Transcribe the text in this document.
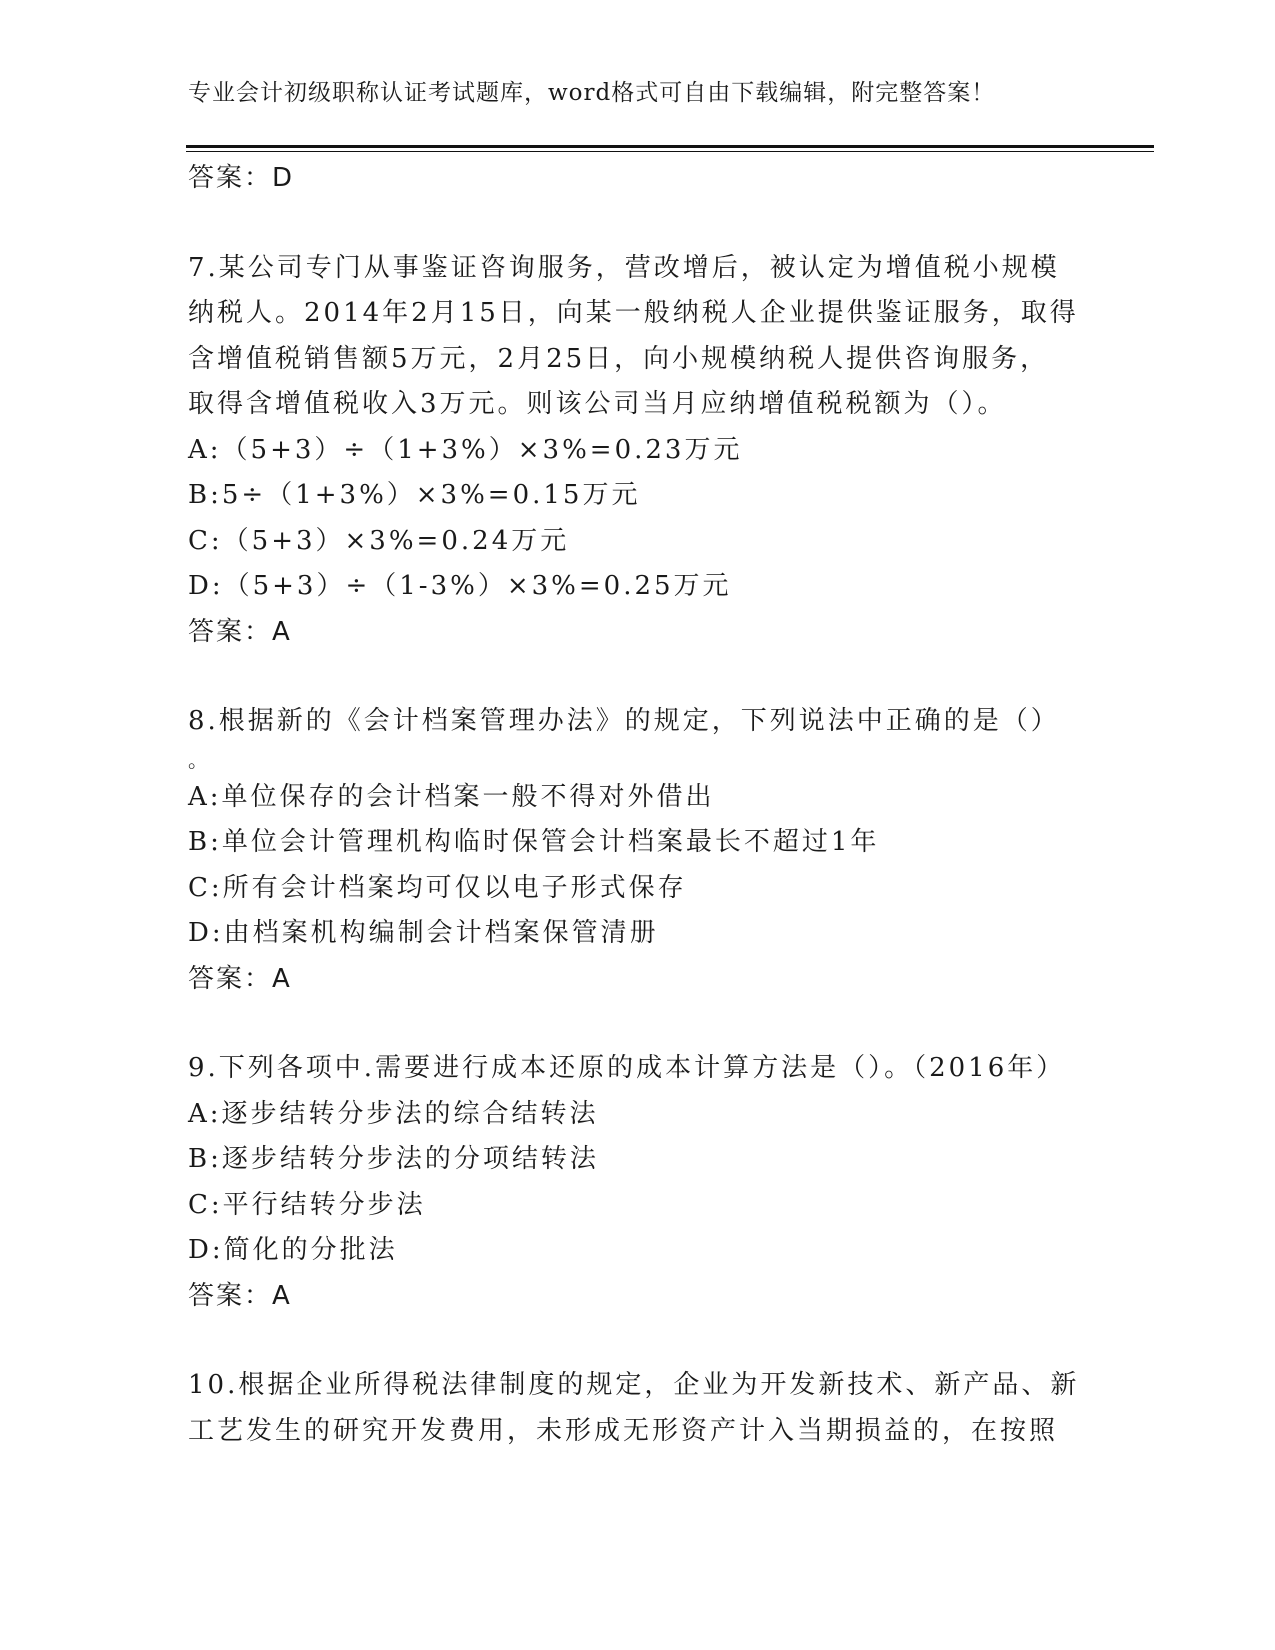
专业会计初级职称认证考试题库，word格式可自由下载编辑，附完整答案！
答案：D
7.某公司专门从事鉴证咨询服务，营改增后，被认定为增值税小规模
纳税人。2014年2月15日，向某一般纳税人企业提供鉴证服务，取得
含增值税销售额5万元，2月25日，向小规模纳税人提供咨询服务，
取得含增值税收入3万元。则该公司当月应纳增值税税额为（）。
A:（5+3）÷（1+3%）×3%=0.23万元
B:5÷（1+3%）×3%=0.15万元
C:（5+3）×3%=0.24万元
D:（5+3）÷（1-3%）×3%=0.25万元
答案：A
8.根据新的《会计档案管理办法》的规定，下列说法中正确的是（）
。
A:单位保存的会计档案一般不得对外借出
B:单位会计管理机构临时保管会计档案最长不超过1年
C:所有会计档案均可仅以电子形式保存
D:由档案机构编制会计档案保管清册
答案：A
9.下列各项中.需要进行成本还原的成本计算方法是（）。（2016年）
A:逐步结转分步法的综合结转法
B:逐步结转分步法的分项结转法
C:平行结转分步法
D:简化的分批法
答案：A
10.根据企业所得税法律制度的规定，企业为开发新技术、新产品、新
工艺发生的研究开发费用，未形成无形资产计入当期损益的，在按照
